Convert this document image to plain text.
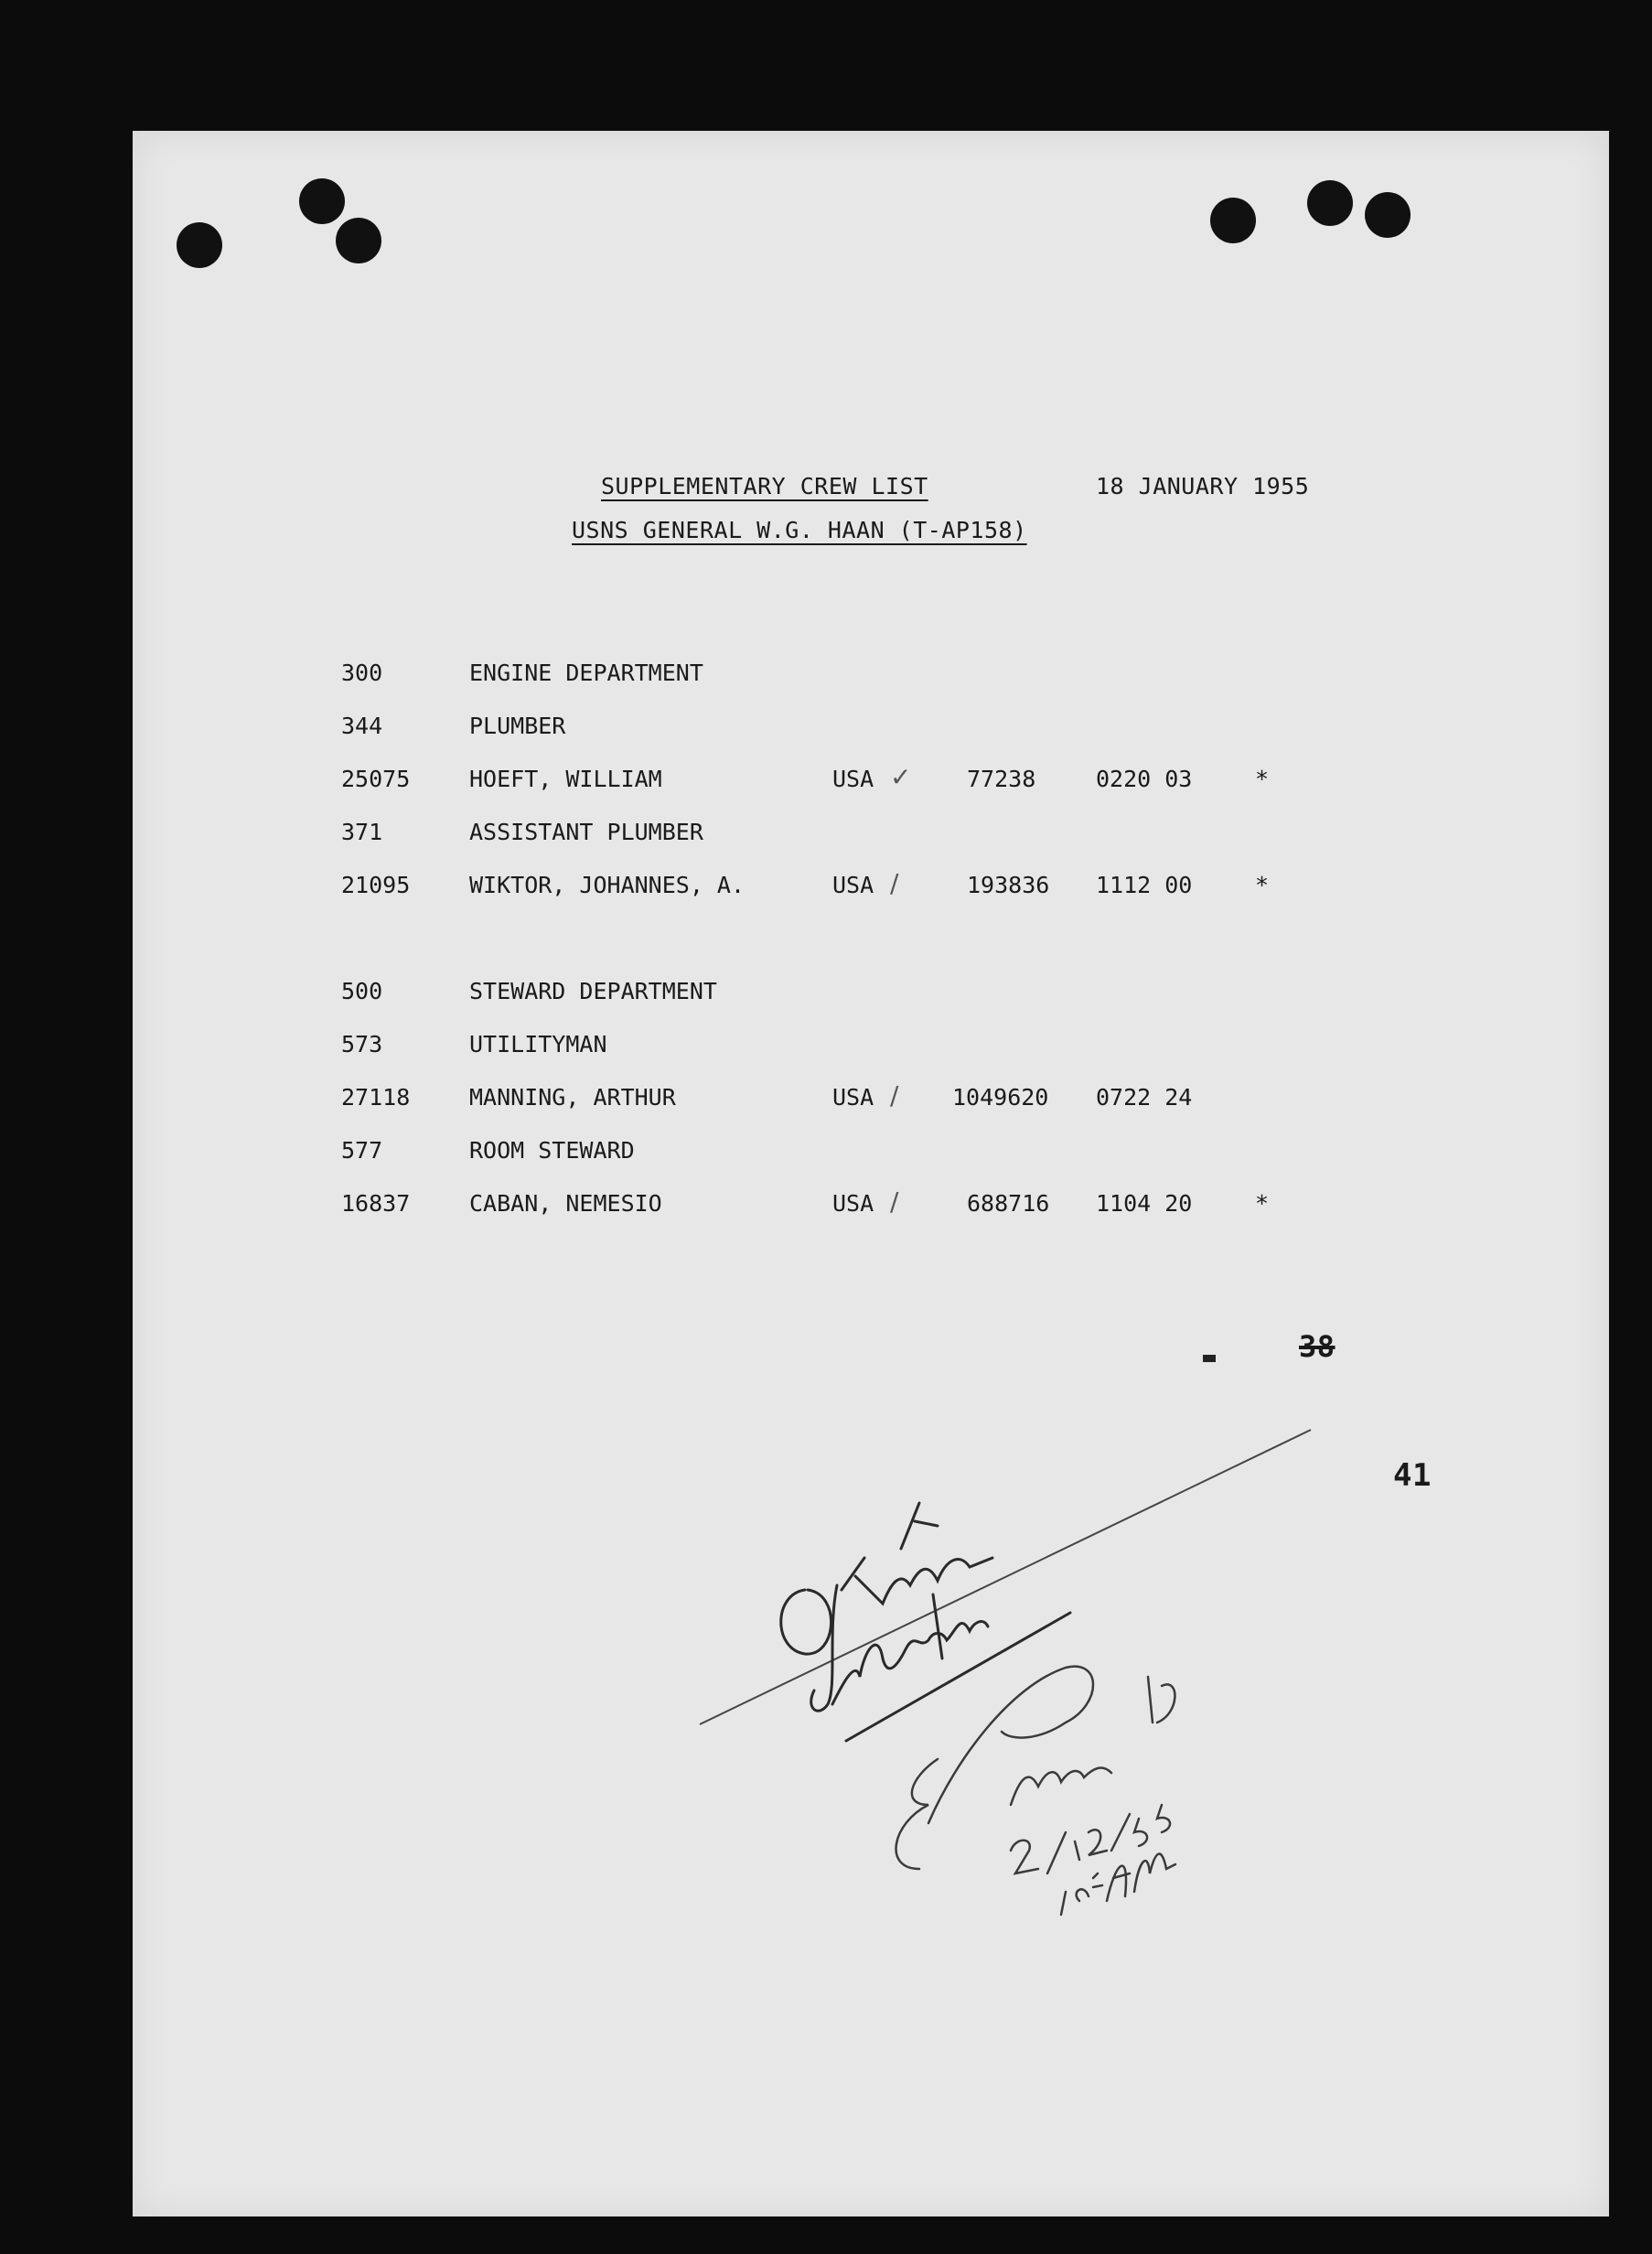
SUPPLEMENTARY CREW LIST	18 JANUARY 1955
USNS GENERAL W.G. HAAN (T-AP158)
300	ENGINE DEPARTMENT
344	PLUMBER
25075	HOEFT, WILLIAM	USA ✓ 77238	0220 03	*
371	ASSISTANT PLUMBER
21095	WIKTOR, JOHANNES, A.	USA /	193836 1112 00	*
500	STEWARD DEPARTMENT
573	UTILITYMAN
27118	MANNING, ARTHUR	USA / 1049620 0722 24
577	ROOM STEWARD
16837	CABAN, NEMESIO	USA /	688716 1104 20	*
38
41
